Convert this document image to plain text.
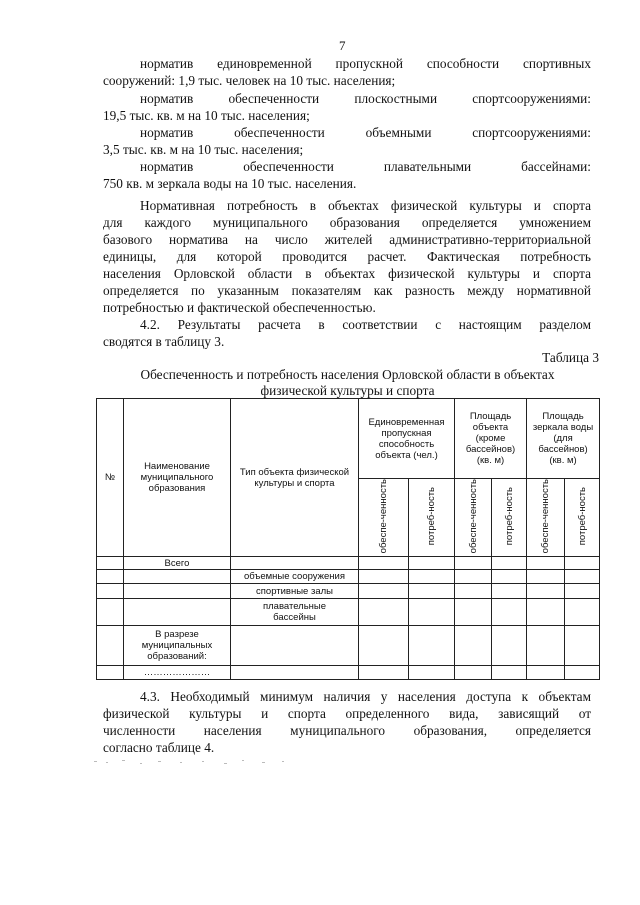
7
норматив единовременной пропускной способности спортивных
сооружений: 1,9 тыс. человек на 10 тыс. населения;
норматив обеспеченности плоскостными спортсооружениями:
19,5 тыс. кв. м на 10 тыс. населения;
норматив обеспеченности объемными спортсооружениями:
3,5 тыс. кв. м на 10 тыс. населения;
норматив обеспеченности плавательными бассейнами:
750 кв. м зеркала воды на 10 тыс. населения.
Нормативная потребность в объектах физической культуры и спорта
для каждого муниципального образования определяется умножением
базового норматива на число жителей административно-территориальной
единицы, для которой проводится расчет. Фактическая потребность
населения Орловской области в объектах физической культуры и спорта
определяется по указанным показателям как разность между нормативной
потребностью и фактической обеспеченностью.
4.2. Результаты расчета в соответствии с настоящим разделом
сводятся в таблицу 3.
Таблица 3
Обеспеченность и потребность населения Орловской области в объектах
физической культуры и спорта
№	Наименование муниципального образования	Тип объекта физической культуры и спорта	Единовременная пропускная способность объекта (чел.)		Площадь объекта (кроме бассейнов) (кв. м)		Площадь зеркала воды (для бассейнов) (кв. м)	
			обеспе-ченность	потреб-ность	обеспе-ченность	потреб-ность	обеспе-ченность	потреб-ность
	Всего							
		объемные сооружения						
		спортивные залы						
		плавательные бассейны						
	В разрезе муниципальных образований:							
	…………………							
4.3. Необходимый минимум наличия у населения доступа к объектам
физической культуры и спорта определенного вида, зависящий от
численности населения муниципального образования, определяется
согласно таблице 4.
